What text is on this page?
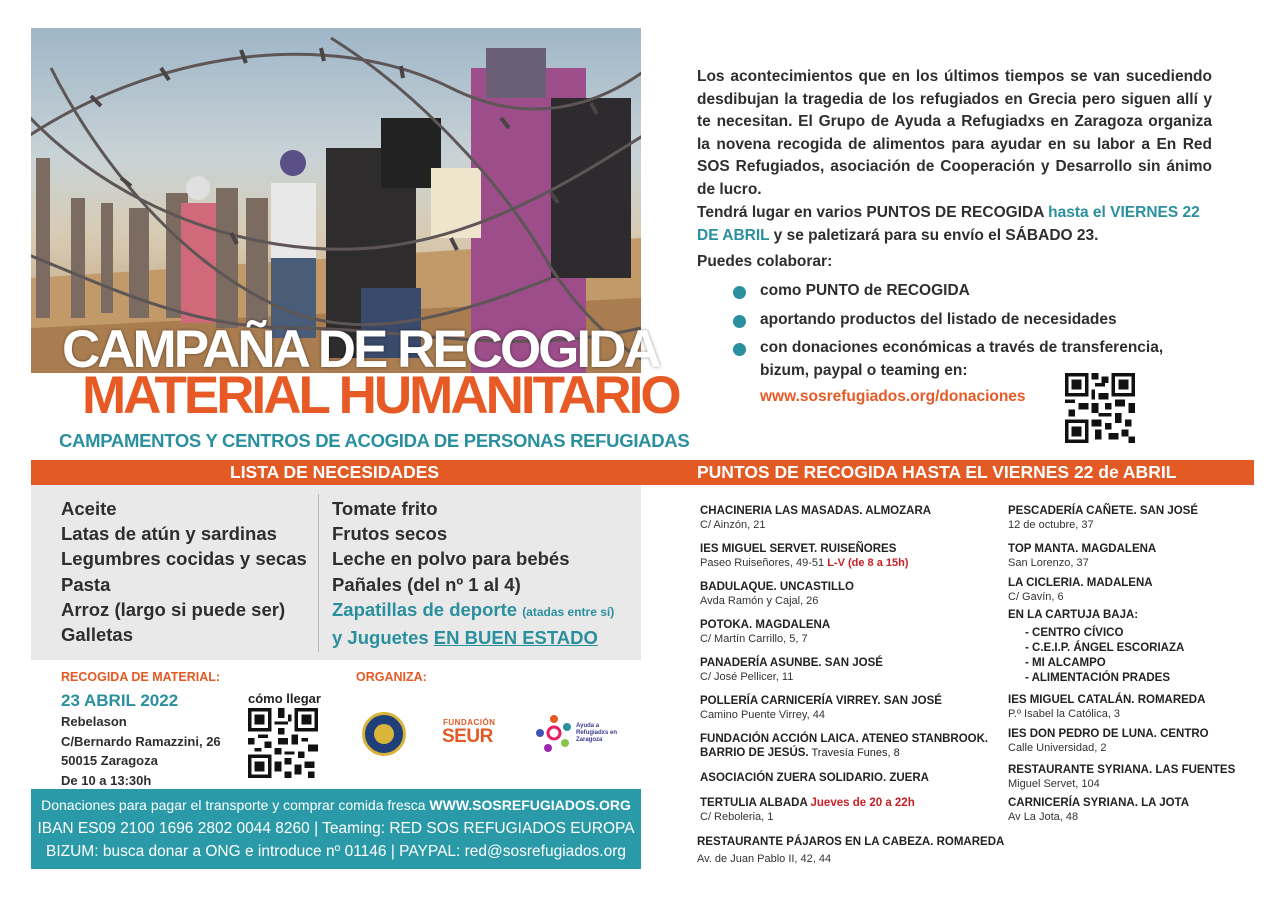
CAMPAÑA DE RECOGIDA
MATERIAL HUMANITARIO
CAMPAMENTOS Y CENTROS DE ACOGIDA DE PERSONAS REFUGIADAS

Los acontecimientos que en los últimos tiempos se van sucediendo desdibujan la tragedia de los refugiados en Grecia pero siguen allí y te necesitan. El Grupo de Ayuda a Refugiadxs en Zaragoza organiza la novena recogida de alimentos para ayudar en su labor a En Red SOS Refugiados, asociación de Cooperación y Desarrollo sin ánimo de lucro.

Tendrá lugar en varios PUNTOS DE RECOGIDA hasta el VIERNES 22 DE ABRIL y se paletizará para su envío el SÁBADO 23.

Puedes colaborar:
como PUNTO de RECOGIDA
aportando productos del listado de necesidades
con donaciones económicas a través de transferencia, bizum, paypal o teaming en:
www.sosrefugiados.org/donaciones
LISTA DE NECESIDADES	PUNTOS DE RECOGIDA HASTA EL VIERNES 22 de ABRIL
Aceite
Latas de atún y sardinas
Legumbres cocidas y secas
Pasta
Arroz (largo si puede ser)
Galletas
Tomate frito
Frutos secos
Leche en polvo para bebés
Pañales (del nº 1 al 4)
Zapatillas de deporte (atadas entre sí)
y Juguetes EN BUEN ESTADO
RECOGIDA DE MATERIAL:	ORGANIZA:
23 ABRIL 2022
Rebelason
C/Bernardo Ramazzini, 26
50015 Zaragoza
De 10 a 13:30h
cómo llegar
FUNDACIÓN
SEUR	Ayuda a Refugiadxs en Zaragoza
Donaciones para pagar el transporte y comprar comida fresca WWW.SOSREFUGIADOS.ORG
IBAN ES09 2100 1696 2802 0044 8260 | Teaming: RED SOS REFUGIADOS EUROPA
BIZUM: busca donar a ONG e introduce nº 01146 | PAYPAL: red@sosrefugiados.org
CHACINERIA LAS MASADAS. ALMOZARA
C/ Ainzón, 21
IES MIGUEL SERVET. RUISEÑORES
Paseo Ruiseñores, 49-51 L-V (de 8 a 15h)
BADULAQUE. UNCASTILLO
Avda Ramón y Cajal, 26
POTOKA. MAGDALENA
C/ Martín Carrillo, 5, 7
PANADERÍA ASUNBE. SAN JOSÉ
C/ José Pellicer, 11
POLLERÍA CARNICERÍA VIRREY. SAN JOSÉ
Camino Puente Virrey, 44
FUNDACIÓN ACCIÓN LAICA. ATENEO STANBROOK.
BARRIO DE JESÚS. Travesía Funes, 8
ASOCIACIÓN ZUERA SOLIDARIO. ZUERA
TERTULIA ALBADA Jueves de 20 a 22h
C/ Reboleria, 1
RESTAURANTE PÁJAROS EN LA CABEZA. ROMAREDA
Av. de Juan Pablo II, 42, 44
PESCADERÍA CAÑETE. SAN JOSÉ
12 de octubre, 37
TOP MANTA. MAGDALENA
San Lorenzo, 37
LA CICLERIA. MADALENA
C/ Gavín, 6
EN LA CARTUJA BAJA:
- CENTRO CÍVICO
- C.E.I.P. ÁNGEL ESCORIAZA
- MI ALCAMPO
- ALIMENTACIÓN PRADES
IES MIGUEL CATALÁN. ROMAREDA
P.º Isabel la Católica, 3
IES DON PEDRO DE LUNA. CENTRO
Calle Universidad, 2
RESTAURANTE SYRIANA. LAS FUENTES
Miguel Servet, 104
CARNICERÍA SYRIANA. LA JOTA
Av La Jota, 48
